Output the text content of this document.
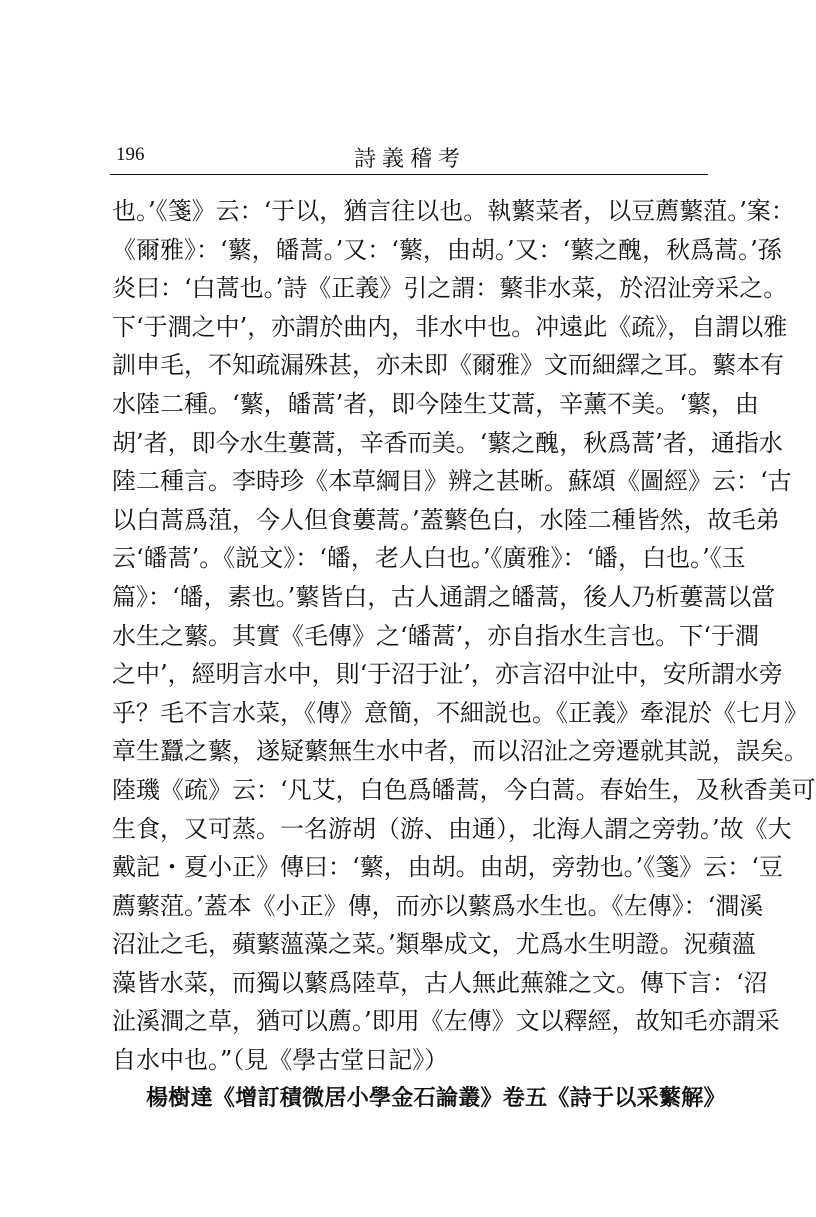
196	詩義稽考
也。’《箋》云：‘于以，猶言往以也。執蘩菜者，以豆薦蘩菹。’案：
《爾雅》：‘蘩，皤蒿。’又：‘蘩，由胡。’又：‘蘩之醜，秋爲蒿。’孫
炎曰：‘白蒿也。’詩《正義》引之謂：蘩非水菜，於沼沚旁采之。
下‘于澗之中’，亦謂於曲内，非水中也。冲遠此《疏》，自謂以雅
訓申毛，不知疏漏殊甚，亦未即《爾雅》文而細繹之耳。蘩本有
水陸二種。‘蘩，皤蒿’者，即今陸生艾蒿，辛薰不美。‘蘩，由
胡’者，即今水生蔞蒿，辛香而美。‘蘩之醜，秋爲蒿’者，通指水
陸二種言。李時珍《本草綱目》辨之甚晰。蘇頌《圖經》云：‘古
以白蒿爲菹，今人但食蔞蒿。’蓋蘩色白，水陸二種皆然，故毛弟
云‘皤蒿’。《説文》：‘皤，老人白也。’《廣雅》：‘皤，白也。’《玉
篇》：‘皤，素也。’蘩皆白，古人通謂之皤蒿，後人乃析蔞蒿以當
水生之蘩。其實《毛傳》之‘皤蒿’，亦自指水生言也。下‘于澗
之中’，經明言水中，則‘于沼于沚’，亦言沼中沚中，安所謂水旁
乎？毛不言水菜，《傳》意簡，不細説也。《正義》牽混於《七月》
章生蠶之蘩，遂疑蘩無生水中者，而以沼沚之旁遷就其説，誤矣。
陸璣《疏》云：‘凡艾，白色爲皤蒿，今白蒿。春始生，及秋香美可
生食，又可蒸。一名游胡（游、由通），北海人謂之旁勃。’故《大
戴記・夏小正》傳曰：‘蘩，由胡。由胡，旁勃也。’《箋》云：‘豆
薦蘩菹。’蓋本《小正》傳，而亦以蘩爲水生也。《左傳》：‘澗溪
沼沚之毛，蘋蘩薀藻之菜。’類舉成文，尤爲水生明證。況蘋薀
藻皆水菜，而獨以蘩爲陸草，古人無此蕪雜之文。傳下言：‘沼
沚溪澗之草，猶可以薦。’即用《左傳》文以釋經，故知毛亦謂采
自水中也。”（見《學古堂日記》）
楊樹達《增訂積微居小學金石論叢》卷五《詩于以采蘩解》
